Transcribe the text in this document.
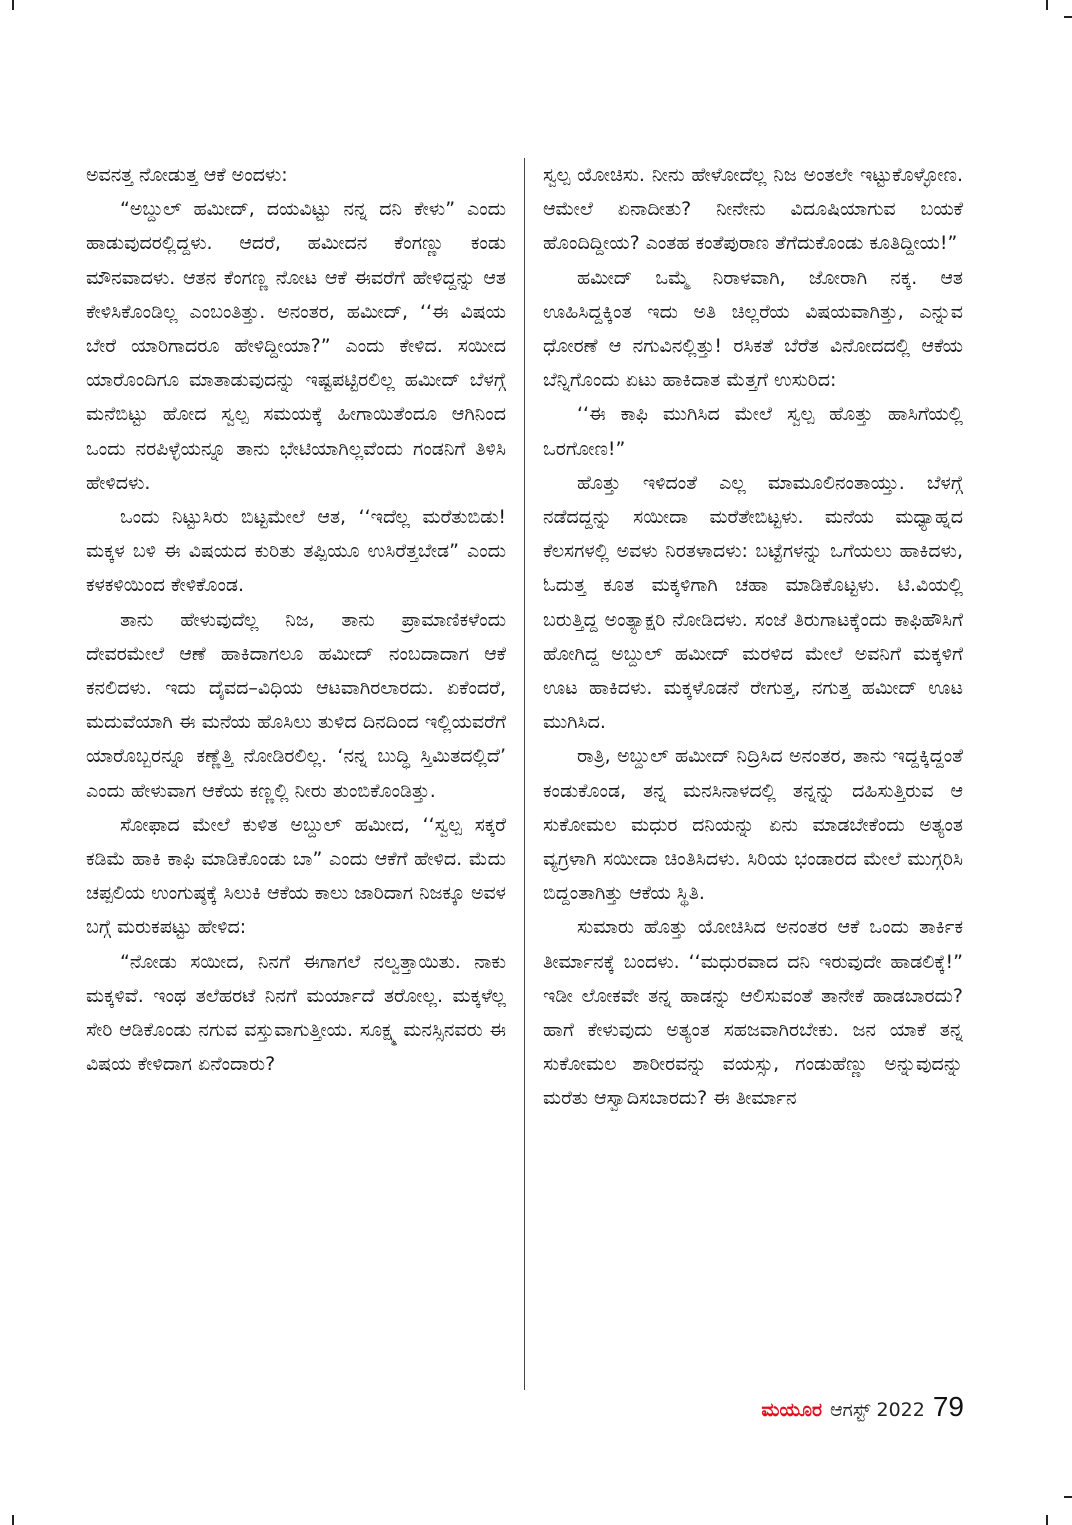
ಅವನತ್ತ ನೋಡುತ್ತ ಆಕೆ ಅಂದಳು:

“ಅಬ್ದುಲ್ ಹಮೀದ್, ದಯವಿಟ್ಟು ನನ್ನ ದನಿ ಕೇಳು” ಎಂದು ಹಾಡುವುದರಲ್ಲಿದ್ದಳು. ಆದರೆ, ಹಮೀದನ ಕೆಂಗಣ್ಣು ಕಂಡು ಮೌನವಾದಳು. ಆತನ ಕೆಂಗಣ್ಣ ನೋಟ ಆಕೆ ಈವರೆಗೆ ಹೇಳಿದ್ದನ್ನು ಆತ ಕೇಳಿಸಿಕೊಂಡಿಲ್ಲ ಎಂಬಂತಿತ್ತು. ಅನಂತರ, ಹಮೀದ್, ‘‘ಈ ವಿಷಯ ಬೇರೆ ಯಾರಿಗಾದರೂ ಹೇಳಿದ್ದೀಯಾ?” ಎಂದು ಕೇಳಿದ. ಸಯೀದ ಯಾರೊಂದಿಗೂ ಮಾತಾಡುವುದನ್ನು ಇಷ್ಟಪಟ್ಟಿರಲಿಲ್ಲ ಹಮೀದ್ ಬೆಳಗ್ಗೆ ಮನೆಬಿಟ್ಟು ಹೋದ ಸ್ವಲ್ಪ ಸಮಯಕ್ಕೆ ಹೀಗಾಯಿತೆಂದೂ ಆಗಿನಿಂದ ಒಂದು ನರಪಿಳ್ಳೆಯನ್ನೂ ತಾನು ಭೇಟಿಯಾಗಿಲ್ಲವೆಂದು ಗಂಡನಿಗೆ ತಿಳಿಸಿ ಹೇಳಿದಳು.

ಒಂದು ನಿಟ್ಟುಸಿರು ಬಿಟ್ಟಮೇಲೆ ಆತ, ‘‘ಇದೆಲ್ಲ ಮರೆತುಬಿಡು! ಮಕ್ಕಳ ಬಳಿ ಈ ವಿಷಯದ ಕುರಿತು ತಪ್ಪಿಯೂ ಉಸಿರೆತ್ತಬೇಡ” ಎಂದು ಕಳಕಳಿಯಿಂದ ಕೇಳಿಕೊಂಡ.

ತಾನು ಹೇಳುವುದೆಲ್ಲ ನಿಜ, ತಾನು ಪ್ರಾಮಾಣಿಕಳೆಂದು ದೇವರಮೇಲೆ ಆಣೆ ಹಾಕಿದಾಗಲೂ ಹಮೀದ್ ನಂಬದಾದಾಗ ಆಕೆ ಕನಲಿದಳು. ಇದು ದೈವದ–ವಿಧಿಯ ಆಟವಾಗಿರಲಾರದು. ಏಕೆಂದರೆ, ಮದುವೆಯಾಗಿ ಈ ಮನೆಯ ಹೊಸಿಲು ತುಳಿದ ದಿನದಿಂದ ಇಲ್ಲಿಯವರೆಗೆ ಯಾರೊಬ್ಬರನ್ನೂ ಕಣ್ಣೆತ್ತಿ ನೋಡಿರಲಿಲ್ಲ. ‘ನನ್ನ ಬುದ್ಧಿ ಸ್ತಿಮಿತದಲ್ಲಿದೆ’ ಎಂದು ಹೇಳುವಾಗ ಆಕೆಯ ಕಣ್ಣಲ್ಲಿ ನೀರು ತುಂಬಿಕೊಂಡಿತ್ತು.

ಸೋಫಾದ ಮೇಲೆ ಕುಳಿತ ಅಬ್ದುಲ್ ಹಮೀದ, ‘‘ಸ್ವಲ್ಪ ಸಕ್ಕರೆ ಕಡಿಮೆ ಹಾಕಿ ಕಾಫಿ ಮಾಡಿಕೊಂಡು ಬಾ” ಎಂದು ಆಕೆಗೆ ಹೇಳಿದ. ಮೆದು ಚಪ್ಪಲಿಯ ಉಂಗುಷ್ಠಕ್ಕೆ ಸಿಲುಕಿ ಆಕೆಯ ಕಾಲು ಜಾರಿದಾಗ ನಿಜಕ್ಕೂ ಅವಳ ಬಗ್ಗೆ ಮರುಕಪಟ್ಟು ಹೇಳಿದ:

“ನೋಡು ಸಯೀದ, ನಿನಗೆ ಈಗಾಗಲೆ ನಲ್ವತ್ತಾಯಿತು. ನಾಕು ಮಕ್ಕಳಿವೆ. ಇಂಥ ತಲೆಹರಟೆ ನಿನಗೆ ಮರ್ಯಾದೆ ತರೋಲ್ಲ. ಮಕ್ಕಳೆಲ್ಲ ಸೇರಿ ಆಡಿಕೊಂಡು ನಗುವ ವಸ್ತುವಾಗುತ್ತೀಯ. ಸೂಕ್ಷ್ಮ ಮನಸ್ಸಿನವರು ಈ ವಿಷಯ ಕೇಳಿದಾಗ ಏನೆಂದಾರು?

ಸ್ವಲ್ಪ ಯೋಚಿಸು. ನೀನು ಹೇಳೋದೆಲ್ಲ ನಿಜ ಅಂತಲೇ ಇಟ್ಟುಕೊಳ್ಳೋಣ. ಆಮೇಲೆ ಏನಾದೀತು? ನೀನೇನು ವಿದೂಷಿಯಾಗುವ ಬಯಕೆ ಹೊಂದಿದ್ದೀಯ? ಎಂತಹ ಕಂತೆಪುರಾಣ ತೆಗೆದುಕೊಂಡು ಕೂತಿದ್ದೀಯ!”

ಹಮೀದ್ ಒಮ್ಮೆ ನಿರಾಳವಾಗಿ, ಜೋರಾಗಿ ನಕ್ಕ. ಆತ ಊಹಿಸಿದ್ದಕ್ಕಿಂತ ಇದು ಅತಿ ಚಿಲ್ಲರೆಯ ವಿಷಯವಾಗಿತ್ತು, ಎನ್ನುವ ಧೋರಣೆ ಆ ನಗುವಿನಲ್ಲಿತ್ತು! ರಸಿಕತೆ ಬೆರೆತ ವಿನೋದದಲ್ಲಿ ಆಕೆಯ ಬೆನ್ನಿಗೊಂದು ಏಟು ಹಾಕಿದಾತ ಮೆತ್ತಗೆ ಉಸುರಿದ:

‘‘ಈ ಕಾಫಿ ಮುಗಿಸಿದ ಮೇಲೆ ಸ್ವಲ್ಪ ಹೊತ್ತು ಹಾಸಿಗೆಯಲ್ಲಿ ಒರಗೋಣ!”

ಹೊತ್ತು ಇಳಿದಂತೆ ಎಲ್ಲ ಮಾಮೂಲಿನಂತಾಯ್ತು. ಬೆಳಗ್ಗೆ ನಡೆದದ್ದನ್ನು ಸಯೀದಾ ಮರೆತೇಬಿಟ್ಟಳು. ಮನೆಯ ಮಧ್ಯಾಹ್ನದ ಕೆಲಸಗಳಲ್ಲಿ ಅವಳು ನಿರತಳಾದಳು: ಬಟ್ಟೆಗಳನ್ನು ಒಗೆಯಲು ಹಾಕಿದಳು, ಓದುತ್ತ ಕೂತ ಮಕ್ಕಳಿಗಾಗಿ ಚಹಾ ಮಾಡಿಕೊಟ್ಟಳು. ಟಿ.ವಿಯಲ್ಲಿ ಬರುತ್ತಿದ್ದ ಅಂತ್ಯಾಕ್ಷರಿ ನೋಡಿದಳು. ಸಂಜೆ ತಿರುಗಾಟಕ್ಕೆಂದು ಕಾಫಿಹೌಸಿಗೆ ಹೋಗಿದ್ದ ಅಬ್ದುಲ್ ಹಮೀದ್ ಮರಳಿದ ಮೇಲೆ ಅವನಿಗೆ ಮಕ್ಕಳಿಗೆ ಊಟ ಹಾಕಿದಳು. ಮಕ್ಕಳೊಡನೆ ರೇಗುತ್ತ, ನಗುತ್ತ ಹಮೀದ್ ಊಟ ಮುಗಿಸಿದ.

ರಾತ್ರಿ, ಅಬ್ದುಲ್ ಹಮೀದ್ ನಿದ್ರಿಸಿದ ಅನಂತರ, ತಾನು ಇದ್ದಕ್ಕಿದ್ದಂತೆ ಕಂಡುಕೊಂಡ, ತನ್ನ ಮನಸಿನಾಳದಲ್ಲಿ ತನ್ನನ್ನು ದಹಿಸುತ್ತಿರುವ ಆ ಸುಕೋಮಲ ಮಧುರ ದನಿಯನ್ನು ಏನು ಮಾಡಬೇಕೆಂದು ಅತ್ಯಂತ ವ್ಯಗ್ರಳಾಗಿ ಸಯೀದಾ ಚಿಂತಿಸಿದಳು. ಸಿರಿಯ ಭಂಡಾರದ ಮೇಲೆ ಮುಗ್ಗರಿಸಿ ಬಿದ್ದಂತಾಗಿತ್ತು ಆಕೆಯ ಸ್ಥಿತಿ.

ಸುಮಾರು ಹೊತ್ತು ಯೋಚಿಸಿದ ಅನಂತರ ಆಕೆ ಒಂದು ತಾರ್ಕಿಕ ತೀರ್ಮಾನಕ್ಕೆ ಬಂದಳು. ‘‘ಮಧುರವಾದ ದನಿ ಇರುವುದೇ ಹಾಡಲಿಕ್ಕೆ!” ಇಡೀ ಲೋಕವೇ ತನ್ನ ಹಾಡನ್ನು ಆಲಿಸುವಂತೆ ತಾನೇಕೆ ಹಾಡಬಾರದು? ಹಾಗೆ ಕೇಳುವುದು ಅತ್ಯಂತ ಸಹಜವಾಗಿರಬೇಕು. ಜನ ಯಾಕೆ ತನ್ನ ಸುಕೋಮಲ ಶಾರೀರವನ್ನು ವಯಸ್ಸು, ಗಂಡುಹೆಣ್ಣು ಅನ್ನುವುದನ್ನು ಮರೆತು ಆಸ್ವಾದಿಸಬಾರದು? ಈ ತೀರ್ಮಾನ

ಮಯೂರ ಆಗಸ್ಟ್ 2022 79
